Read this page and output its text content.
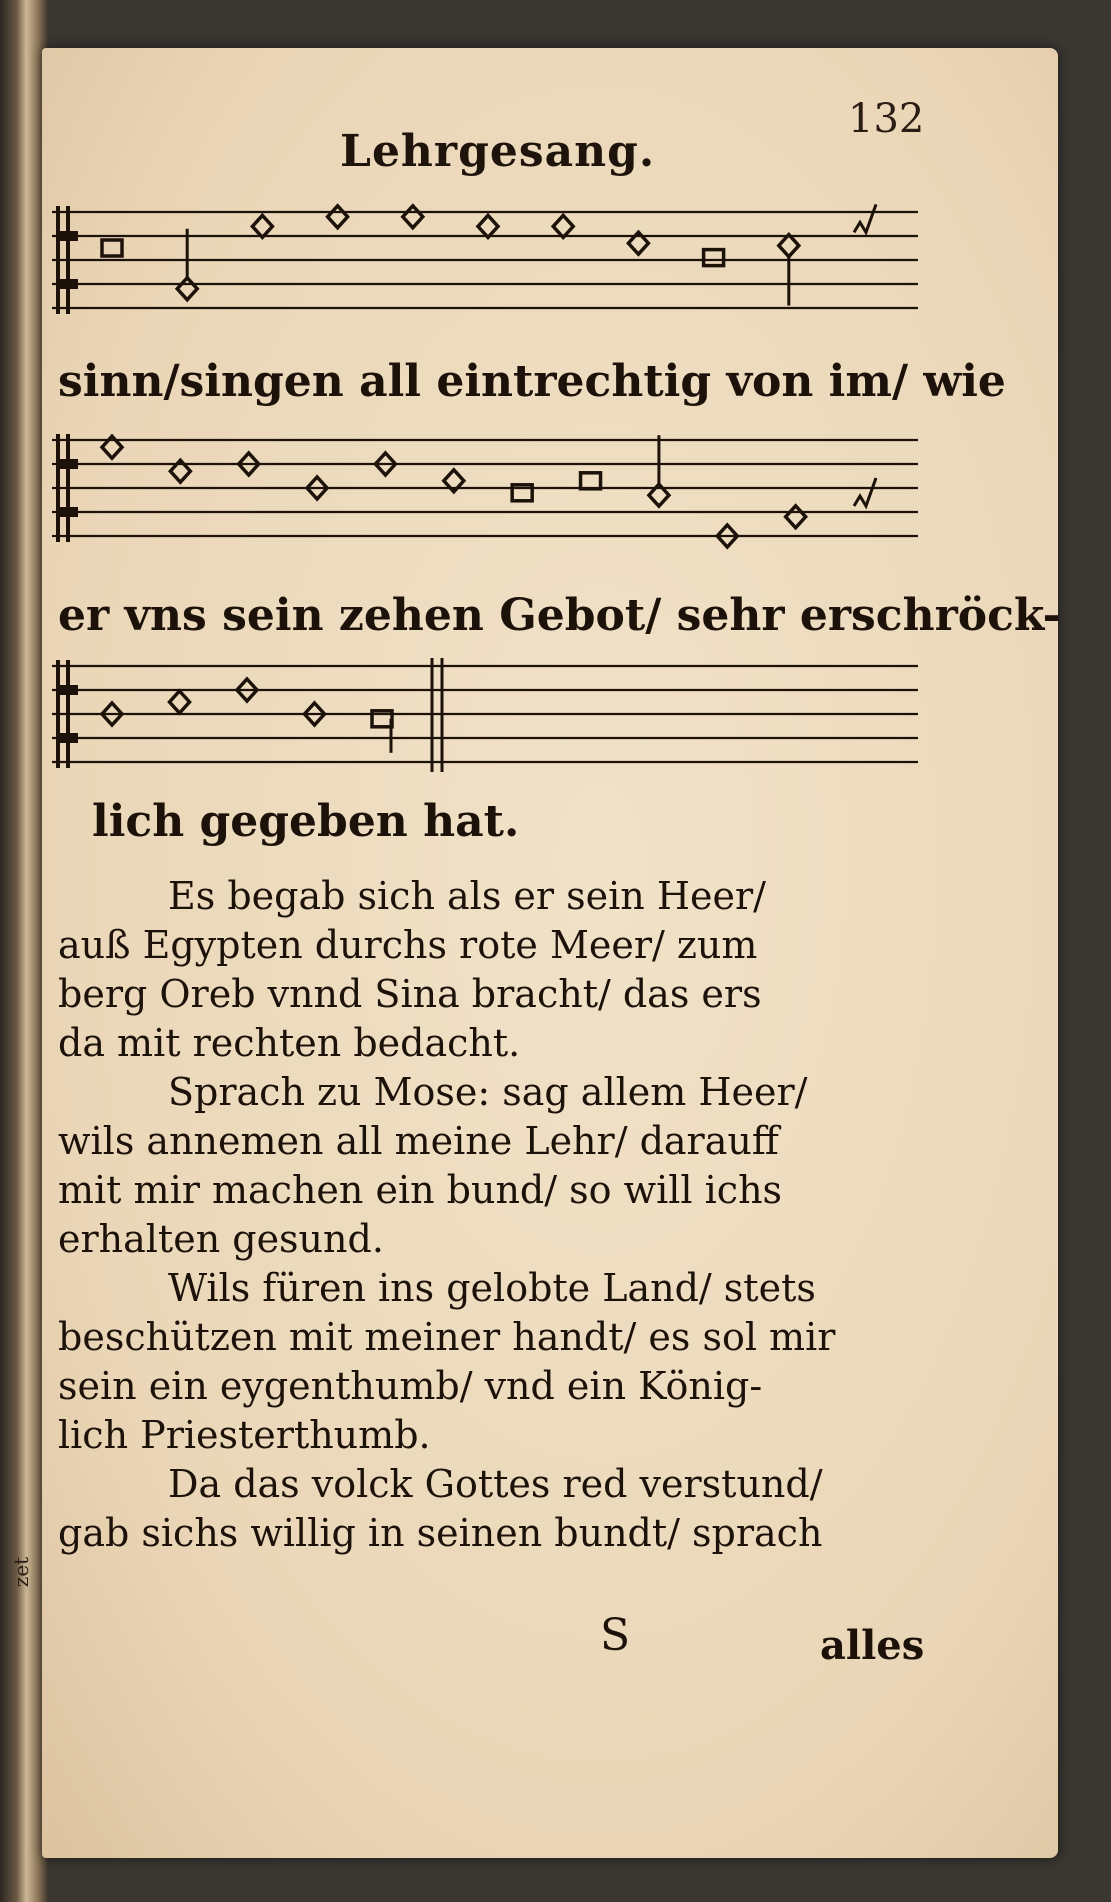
zet
Lehrgesang.
132
sinn/singen all eintrechtig von im/ wie
er vns sein zehen Gebot/ sehr erschröck-
lich gegeben hat.
Es begab sich als er sein Heer/
auß Egypten durchs rote Meer/ zum
berg Oreb vnnd Sina bracht/ das ers
da mit rechten bedacht.
Sprach zu Mose: sag allem Heer/
wils annemen all meine Lehr/ darauff
mit mir machen ein bund/ so will ichs
erhalten gesund.
Wils füren ins gelobte Land/ stets
beschützen mit meiner handt/ es sol mir
sein ein eygenthumb/ vnd ein König-
lich Priesterthumb.
Da das volck Gottes red verstund/
gab sichs willig in seinen bundt/ sprach
S	alles
